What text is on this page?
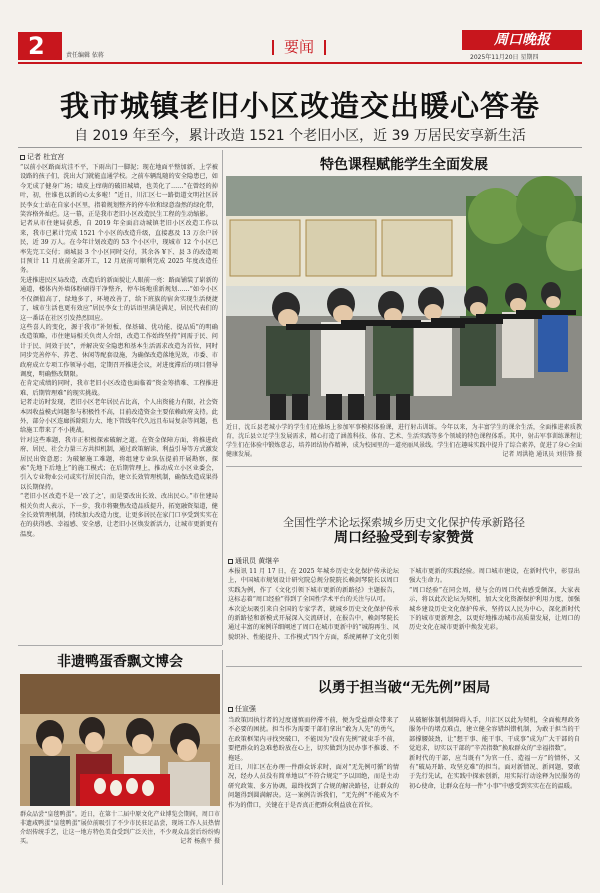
2	责任编辑 依蒋	要闻	周口晚报
2025年11月20日 星期四
我市城镇老旧小区改造交出暖心答卷
自 2019 年至今，累计改造 1521 个老旧小区，近 39 万居民安享新生活
记者 杜宜宫

“以前小区路面坑洼不平，下雨出门一脚泥；现在地面平整加新，上学被设路的孩子们，洗出大门就能直通学校。之前车辆乱随的安全隐患已，如今无成了健身广场；墙皮上痒萌的破旧城墙，也美化了……”在曾经的掉叶，初，住谁也以新的心太多啦！”近日，川汇区七一路街道文明社区居民李女士站在自家小区里，指着规划整齐的停车位和绿意盎然的绿化带，笑容格外灿烂。这一幕，正是我市老旧小区改造民生工程的生动缩影。

记者从市住建局获悉，自 2019 年全面启动城镇老旧小区改造工作以来，我市已累计完成 1521 个小区的改造升级，直接惠及 13 万余户居民，近 39 万人。在今年计划改造的 53 个小区中，现城市 12 个小区已率先完工交付；商城县 3 个小区同时交付，其余各 ¥下、县 3 的改造项目预计 11 月底前全部开工，12 月底前可顺利完成 2025 年度改造任务。

先进推进民区局改造，改造后的新面貌让人眼前一亮：路面铺装了崭新的通道，楼体内外墙体粉刷得干净整齐，停车场地重新规划……“如今小区不仅颜值高了，绿地多了，环境改善了，给下班族的宿舍实现生活便捷了，城市生活也更有效应”居民李女士的话语里满是满足，居民代表们的这一番话在社区引发热烈回应。

这些喜人的变化，源于我市“补短板、保基础、优功能、提品质”的明确改造策略，市住建局相关负责人介绍，改造工作始终坚持“问需于民、问计于民、问效于民”，并解决安全隐患和基本生活需求改造为首位，同时同步完善停车、养老、休闲等配套设施，为确保改造落地见效，市委、市政府成立专项工作领导小组，定期召开推进会议，对进度滞后的项目督导调度，明确整改期限。

在肯定成绩的同时，我市老旧小区改造也面临着“资金筹措难、工程推进难、后期管理难”的现实挑战。

记者走访时发现，老旧小区老年居民占比高，个人出资能力有限，社会资本因收益模式问题参与积极性不高，目前改造资金主要依赖政府支持。此外，部分小区连廊拆除阻力大、地下管线年代久远且布局复杂等问题，也给施工带来了不小挑战。

针对这些难题，我市正积极探索破解之道。在资金保障方面，将推进政府、居民、社会力量三方共担机制，通过政策解读、利益引导等方式激发居民出资意愿；为破解施工难题，将组建专业队伍提前开展勘察，探索“先地下后地上”的施工模式；在后期管理上，推动成立小区业委会，引入专业物业公司或实行居民自治，建立长效管理机制，确保改造成果得以长期保持。

“老旧小区改造不是一‘改了之’，而是要改出长效、改出民心。”市住建局相关负责人表示，下一步，我市将聚焦改造品质提升，拓宽融资渠道，健全长效管理机制，持续加大改造力度，让更多居民在家门口享受到实实在在的获得感、幸福感、安全感，让老旧小区焕发新活力，让城市更新更有温度。

特色课程赋能学生全面发展
近日，沈丘县老城小学的学生们在操场上参加军事模拟体验课，进行射击训练。今年以来，为丰富学生的课余生活，全面推进素质教育，沈丘县立足学生发展需求，精心打造了涵盖科技、体育、艺术、生活实践等多个领域的特色课程体系。其中，射击军事训练课程让学生们在体验中锻炼意志，培养团结协作精神，成为校园里的一道亮丽风景线。学生们在趣味实践中提升了综合素养，促进了身心全面健康发展。	记者 周洪艳 通讯员 刘佳锋 摄
全国性学术论坛探索城乡历史文化保护传承新路径
周口经验受到专家赞赏
通讯员 黄继辛

本报讯 11 月 17 日，在 2025 年城乡历史文化保护传承论坛上，中国城市规划设计研究院总规分院院长赖剑琴院长以周口实践为例，作了《文化引领下城市更新的新路径》主题报告，这标志着“周口经验”得到了全国性学术平台的关注与认可。

本次论坛吸引来自全国的专家学者，就城乡历史文化保护传承的新路径和新模式开展深入交流研讨，在报告中，赖剑琴院长通过丰富的案例详细阐述了周口在城市更新中的“城韵再生、风貌织补、性能提升、工作模式”四个方面，系统阐释了文化引领下城市更新的实践经验。周口城市建设，在新时代中，彰显出强大生命力。

“周口经验”在同会周，使与会的周口代表感受颇深，大家表示，将以此次论坛为契机，加大文化资源保护利用力度，加强城乡建设历史文化保护传承，坚持以人民为中心，深化新时代下的城市更新理念，以更好地推动城市高质量发展，让周口的历史文化在城市更新中焕发光彩。

非遗鸭蛋香飘文博会
群众品尝“皇毯鸭蛋”。近日，在第十二届中原文化产业博览会期间，周口市非遗咸鸭蛋“皇毯鸭蛋”展位前吸引了不少市民驻足品尝，现场工作人员热情介绍传统手艺，让这一地方特色美食受到广泛关注，不少观众品尝后纷纷购买。	记者 杨燕平 摄
以勇于担当破“无先例”困局
任宣强

当政策因执行者的过度谨慎而停滞不前，便为受益群众带来了不必要的困扰。担当作为需要干部们拿出“敢为人先”的勇气，在政策框架内寻找突破口，不能因为“没有先例”就束手不前，要把群众的急难愁盼放在心上，切实做到为民办事不推诿、不拖延。

近日，川汇区在办理一件群众诉求时，面对“无先例可循”的情况，经办人员没有简单地以“不符合规定”予以回绝，而是主动研究政策、多方协调，最终找到了合规的解决路径，让群众的问题得到圆满解决。这一案例告诉我们，“无先例”不能成为不作为的借口，关键在于是否真正把群众利益放在首位。

从破解体制机制障碍入手，川汇区以此为契机，全面梳理政务服务中的堵点难点，建立健全容错纠错机制，为敢于担当的干部撑腰鼓劲，让“想干事、能干事、干成事”成为广大干部的自觉追求，切实以干部的“辛苦指数”换取群众的“幸福指数”。

新时代的干部，应当既有“为官一任、造福一方”的情怀，又有“破局开路、攻坚克难”的担当。面对新情况、新问题，要敢于先行先试，在实践中探索创新，用实际行动诠释为民服务的初心使命，让群众在每一件“小事”中感受到实实在在的温暖。
